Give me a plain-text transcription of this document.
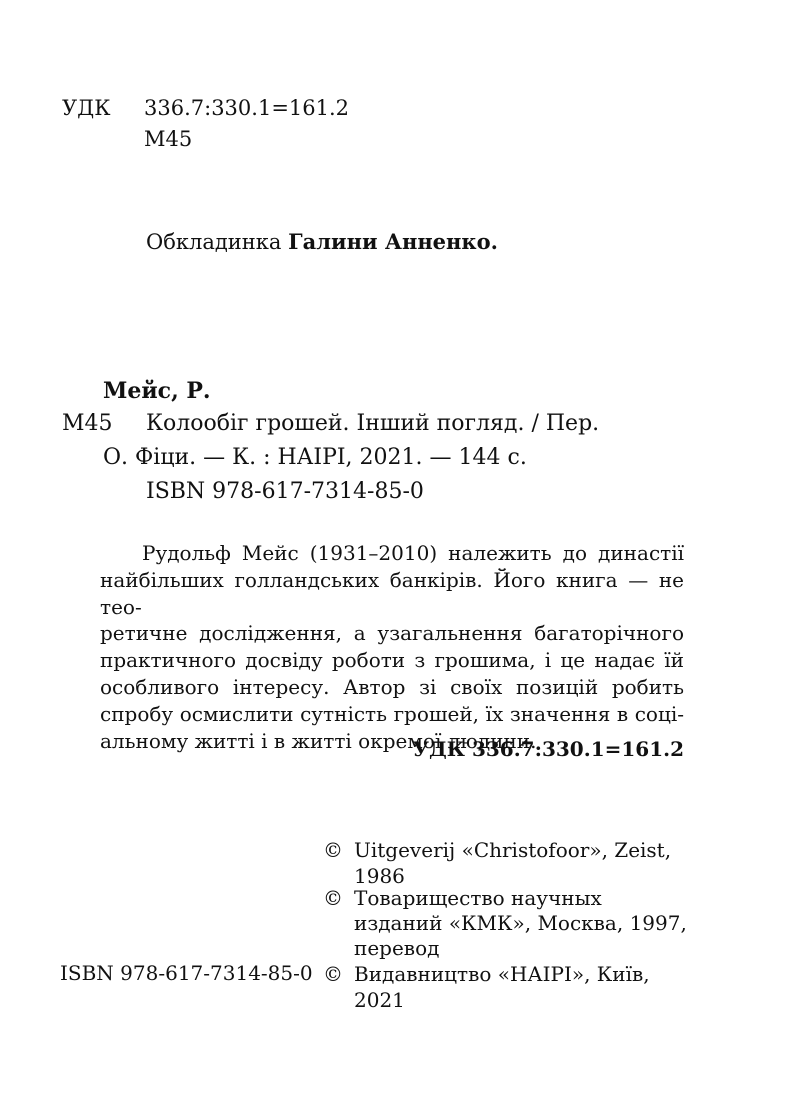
УДК 336.7:330.1=161.2
М45
Обкладинка Галини Анненко.
Мейс, Р.
М45 Колообіг грошей. Інший погляд. / Пер.
О. Фіци. — К. : НАІРІ, 2021. — 144 с.
ISBN 978-617-7314-85-0
Рудольф Мейс (1931–2010) належить до династії
найбільших голландських банкірів. Його книга — не тео-
ретичне дослідження, а узагальнення багаторічного
практичного досвіду роботи з грошима, і це надає їй
особливого інтересу. Автор зі своїх позицій робить
спробу осмислити сутність грошей, їх значення в соці-
альному житті і в житті окремої людини.
УДК 336.7:330.1=161.2
© Uitgeverij «Christofoor», Zeist,
1986
© Товарищество научных
изданий «КМК», Москва, 1997,
перевод
ISBN 978-617-7314-85-0 © Видавництво «НАІРІ», Київ,
2021
